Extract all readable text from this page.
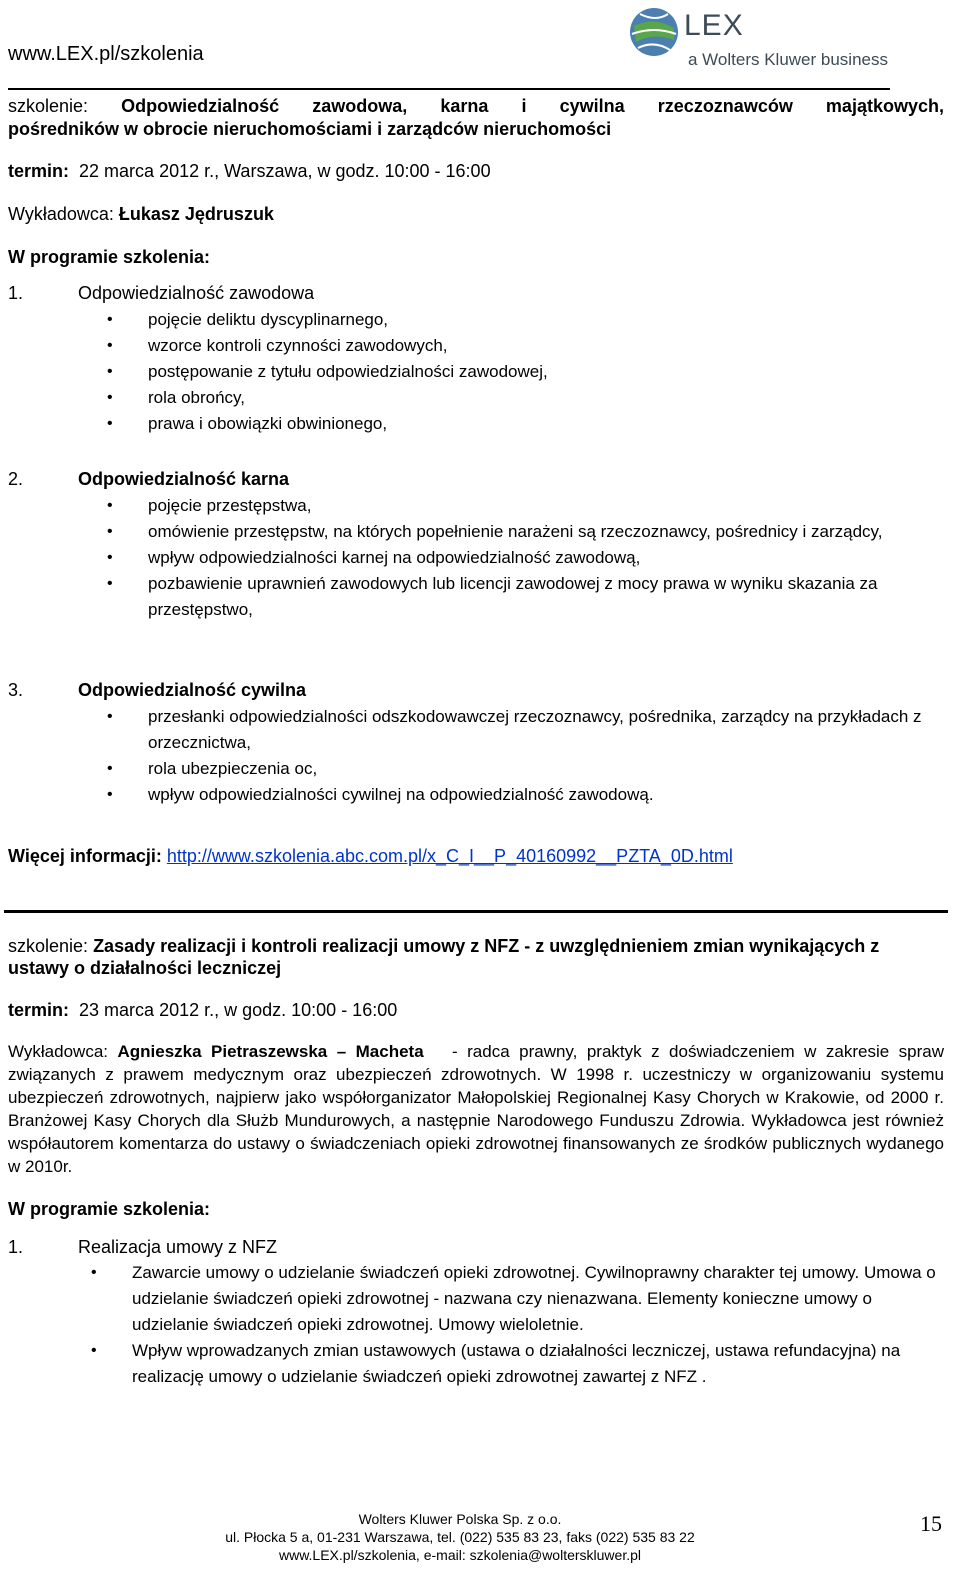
www.LEX.pl/szkolenia
LEX
a Wolters Kluwer business
szkolenie: Odpowiedzialność zawodowa, karna i cywilna rzeczoznawców majątkowych,
pośredników w obrocie nieruchomościami i zarządców nieruchomości
termin: 22 marca 2012 r., Warszawa, w godz. 10:00 - 16:00
Wykładowca: Łukasz Jędruszuk
W programie szkolenia:
1.	Odpowiedzialność zawodowa
• pojęcie deliktu dyscyplinarnego,
• wzorce kontroli czynności zawodowych,
• postępowanie z tytułu odpowiedzialności zawodowej,
• rola obrońcy,
• prawa i obowiązki obwinionego,
2.	Odpowiedzialność karna
• pojęcie przestępstwa,
• omówienie przestępstw, na których popełnienie narażeni są rzeczoznawcy, pośrednicy i zarządcy,
• wpływ odpowiedzialności karnej na odpowiedzialność zawodową,
• pozbawienie uprawnień zawodowych lub licencji zawodowej z mocy prawa w wyniku skazania za przestępstwo,
3.	Odpowiedzialność cywilna
• przesłanki odpowiedzialności odszkodowawczej rzeczoznawcy, pośrednika, zarządcy na przykładach z orzecznictwa,
• rola ubezpieczenia oc,
• wpływ odpowiedzialności cywilnej na odpowiedzialność zawodową.
Więcej informacji: http://www.szkolenia.abc.com.pl/x_C_I__P_40160992__PZTA_0D.html
szkolenie: Zasady realizacji i kontroli realizacji umowy z NFZ - z uwzględnieniem zmian wynikających z ustawy o działalności leczniczej
termin: 23 marca 2012 r., w godz. 10:00 - 16:00
Wykładowca: Agnieszka Pietraszewska – Macheta - radca prawny, praktyk z doświadczeniem w zakresie spraw związanych z prawem medycznym oraz ubezpieczeń zdrowotnych. W 1998 r. uczestniczy w organizowaniu systemu ubezpieczeń zdrowotnych, najpierw jako współorganizator Małopolskiej Regionalnej Kasy Chorych w Krakowie, od 2000 r. Branżowej Kasy Chorych dla Służb Mundurowych, a następnie Narodowego Funduszu Zdrowia. Wykładowca jest również współautorem komentarza do ustawy o świadczeniach opieki zdrowotnej finansowanych ze środków publicznych wydanego w 2010r.
W programie szkolenia:
1.	Realizacja umowy z NFZ
• Zawarcie umowy o udzielanie świadczeń opieki zdrowotnej. Cywilnoprawny charakter tej umowy. Umowa o udzielanie świadczeń opieki zdrowotnej - nazwana czy nienazwana. Elementy konieczne umowy o udzielanie świadczeń opieki zdrowotnej. Umowy wieloletnie.
• Wpływ wprowadzanych zmian ustawowych (ustawa o działalności leczniczej, ustawa refundacyjna) na realizację umowy o udzielanie świadczeń opieki zdrowotnej zawartej z NFZ .
Wolters Kluwer Polska Sp. z o.o.
ul. Płocka 5 a, 01-231 Warszawa, tel. (022) 535 83 23, faks (022) 535 83 22
www.LEX.pl/szkolenia, e-mail: szkolenia@wolterskluwer.pl
15
